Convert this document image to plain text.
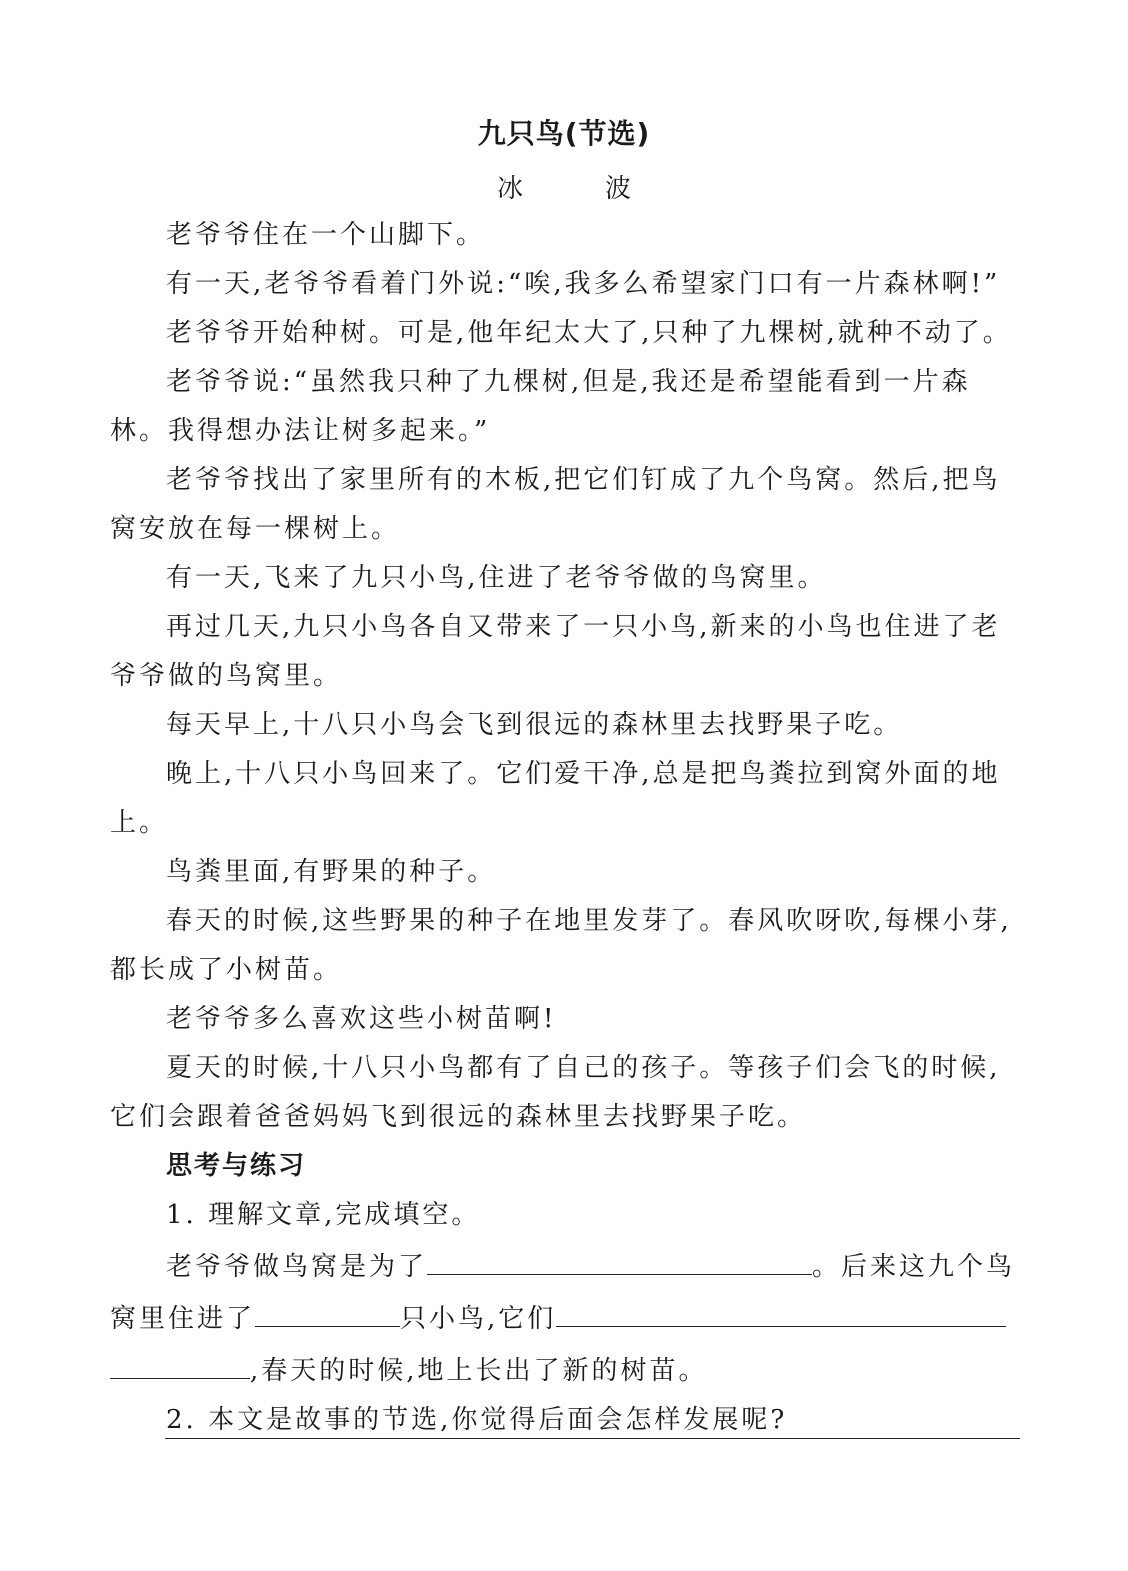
九只鸟(节选)
冰　波

老爷爷住在一个山脚下。

有一天,老爷爷看着门外说:“唉,我多么希望家门口有一片森林啊!”

老爷爷开始种树。可是,他年纪太大了,只种了九棵树,就种不动了。

老爷爷说:“虽然我只种了九棵树,但是,我还是希望能看到一片森林。我得想办法让树多起来。”

老爷爷找出了家里所有的木板,把它们钉成了九个鸟窝。然后,把鸟窝安放在每一棵树上。

有一天,飞来了九只小鸟,住进了老爷爷做的鸟窝里。

再过几天,九只小鸟各自又带来了一只小鸟,新来的小鸟也住进了老爷爷做的鸟窝里。

每天早上,十八只小鸟会飞到很远的森林里去找野果子吃。

晚上,十八只小鸟回来了。它们爱干净,总是把鸟粪拉到窝外面的地上。

鸟粪里面,有野果的种子。

春天的时候,这些野果的种子在地里发芽了。春风吹呀吹,每棵小芽,都长成了小树苗。

老爷爷多么喜欢这些小树苗啊!

夏天的时候,十八只小鸟都有了自己的孩子。等孩子们会飞的时候,它们会跟着爸爸妈妈飞到很远的森林里去找野果子吃。

思考与练习

1. 理解文章,完成填空。

老爷爷做鸟窝是为了	。后来这九个鸟窝里住进了	只小鸟,它们,春天的时候,地上长出了新的树苗。

2. 本文是故事的节选,你觉得后面会怎样发展呢?
